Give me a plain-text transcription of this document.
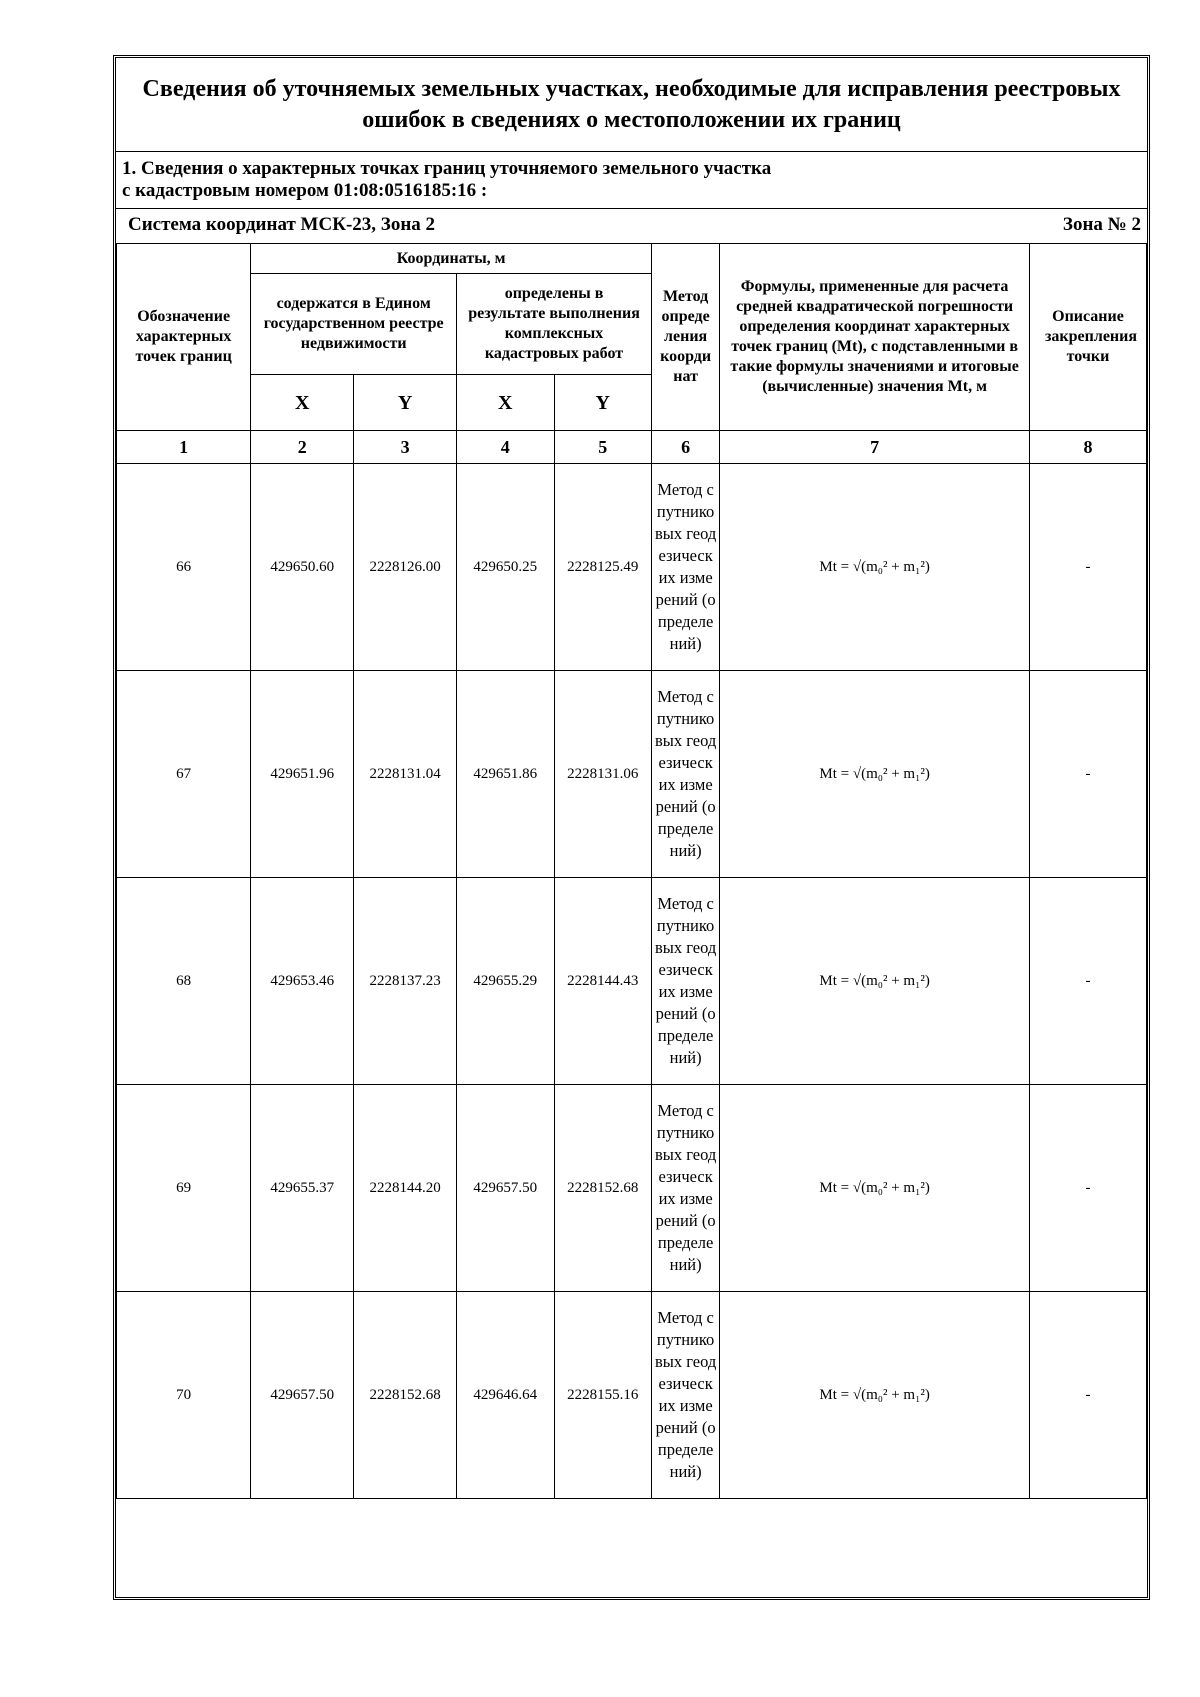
Сведения об уточняемых земельных участках, необходимые для исправления реестровых ошибок в сведениях о местоположении их границ
1. Сведения о характерных точках границ уточняемого земельного участка
с кадастровым номером 01:08:0516185:16 :
Система координат МСК-23, Зона 2	Зона № 2
Обозначение характерных точек границ	Координаты, м				Метод определения координат	Формулы, примененные для расчета средней квадратической погрешности определения координат характерных точек границ (Mt), с подставленными в такие формулы значениями и итоговые (вычисленные) значения Mt, м	Описание закрепления точки

	содержатся в Едином государственном реестре недвижимости		определены в результате выполнения комплексных кадастровых работ				
	X	Y	X	Y			
1	2	3	4	5	6	7	8
66	429650.60	2228126.00	429650.25	2228125.49	Метод спутниковых геодезических измерений (определений)	Mt = √(m₀² + m₁²)	-
67	429651.96	2228131.04	429651.86	2228131.06	Метод спутниковых геодезических измерений (определений)	Mt = √(m₀² + m₁²)	-
68	429653.46	2228137.23	429655.29	2228144.43	Метод спутниковых геодезических измерений (определений)	Mt = √(m₀² + m₁²)	-
69	429655.37	2228144.20	429657.50	2228152.68	Метод спутниковых геодезических измерений (определений)	Mt = √(m₀² + m₁²)	-
70	429657.50	2228152.68	429646.64	2228155.16	Метод спутниковых геодезических измерений (определений)	Mt = √(m₀² + m₁²)	-
